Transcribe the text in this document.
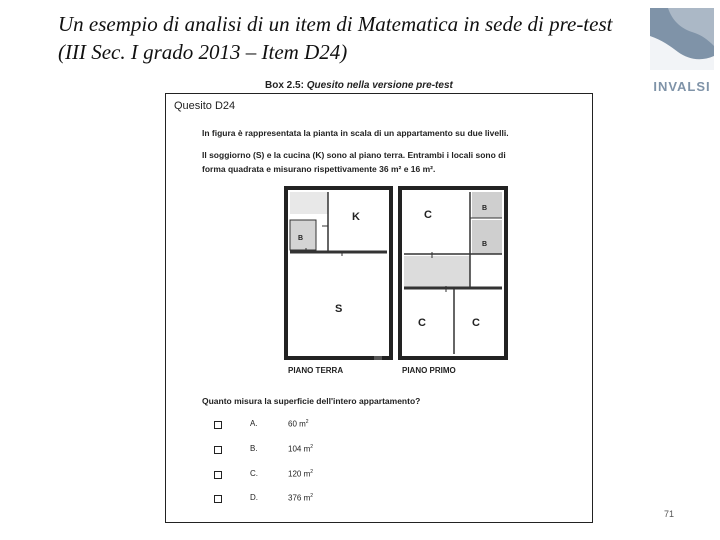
Un esempio di analisi di un item di Matematica in sede di pre-test (III Sec. I grado 2013 – Item D24)
INVALSI
Box 2.5: Quesito nella versione pre-test
Quesito D24
In figura è rappresentata la pianta in scala di un appartamento su due livelli.
Il soggiorno (S) e la cucina (K) sono al piano terra. Entrambi i locali sono di
forma quadrata e misurano rispettivamente 36 m² e 16 m².
B
K
S
C
B
B
C	C
PIANO TERRA	PIANO PRIMO
Quanto misura la superficie dell'intero appartamento?
A.	60 $m^2$
B.	104 $m^2$
C.	120 $m^2$
D.	376 $m^2$
71
